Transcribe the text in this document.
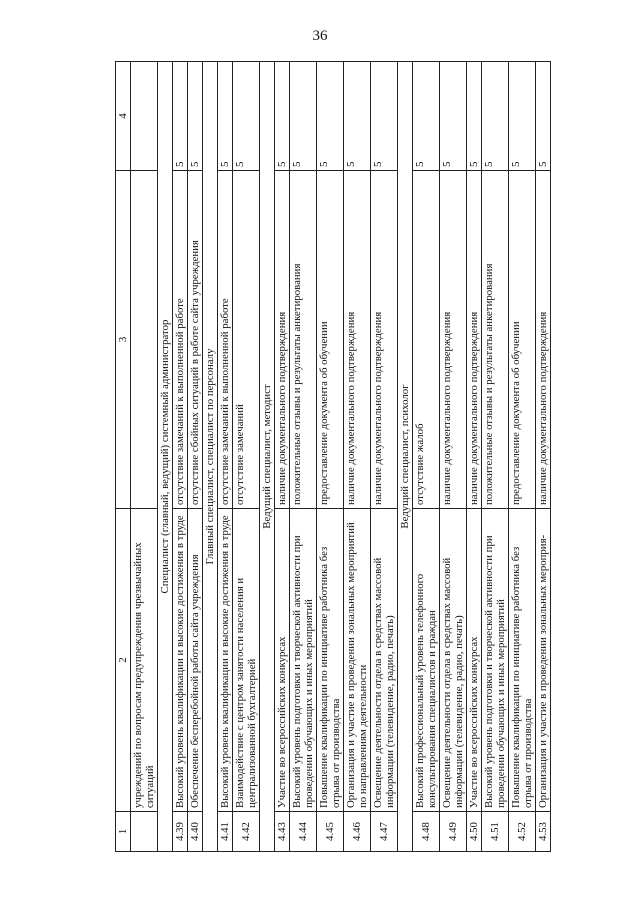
36
1	2	3	4
	учреждений по вопросам предупреждения чрезвычайных ситуаций		
Специалист (главный, ведущий) системный администратор			
4.39	Высокий уровень квалификации и высокие достижения в труде	отсутствие замечаний к выполненной работе	5
4.40	Обеспечение бесперебойной работы сайта учреждения	отсутствие сбойных ситуаций в работе сайта учреждения	5
Главный специалист, специалист по персоналу			
4.41	Высокий уровень квалификации и высокие достижения в труде	отсутствие замечаний к выполненной работе	5
4.42	Взаимодействие с центром занятости населения и централизованной бухгалтерией	отсутствие замечаний	5
Ведущий специалист, методист			
4.43	Участие во всероссийских конкурсах	наличие документального подтверждения	5
4.44	Высокий уровень подготовки и творческой активности при проведении обучающих и иных мероприятий	положительные отзывы и результаты анкетирования	5
4.45	Повышение квалификации по инициативе работника без отрыва от производства	предоставление документа об обучении	5
4.46	Организация и участие в проведении зональных мероприятий по направлениям деятельности	наличие документального подтверждения	5
4.47	Освещение деятельности отдела в средствах массовой информации (телевидение, радио, печать)	наличие документального подтверждения	5
Ведущий специалист, психолог			
4.48	Высокий профессиональный уровень телефонного консультирования специалистов и граждан	отсутствие жалоб	5
4.49	Освещение деятельности отдела в средствах массовой информации (телевидение, радио, печать)	наличие документального подтверждения	5
4.50	Участие во всероссийских конкурсах	наличие документального подтверждения	5
4.51	Высокий уровень подготовки и творческой активности при проведении обучающих и иных мероприятий	положительные отзывы и результаты анкетирования	5
4.52	Повышение квалификации по инициативе работника без отрыва от производства	предоставление документа об обучении	5
4.53	Организация и участие в проведении зональных мероприя-	наличие документального подтверждения	5
